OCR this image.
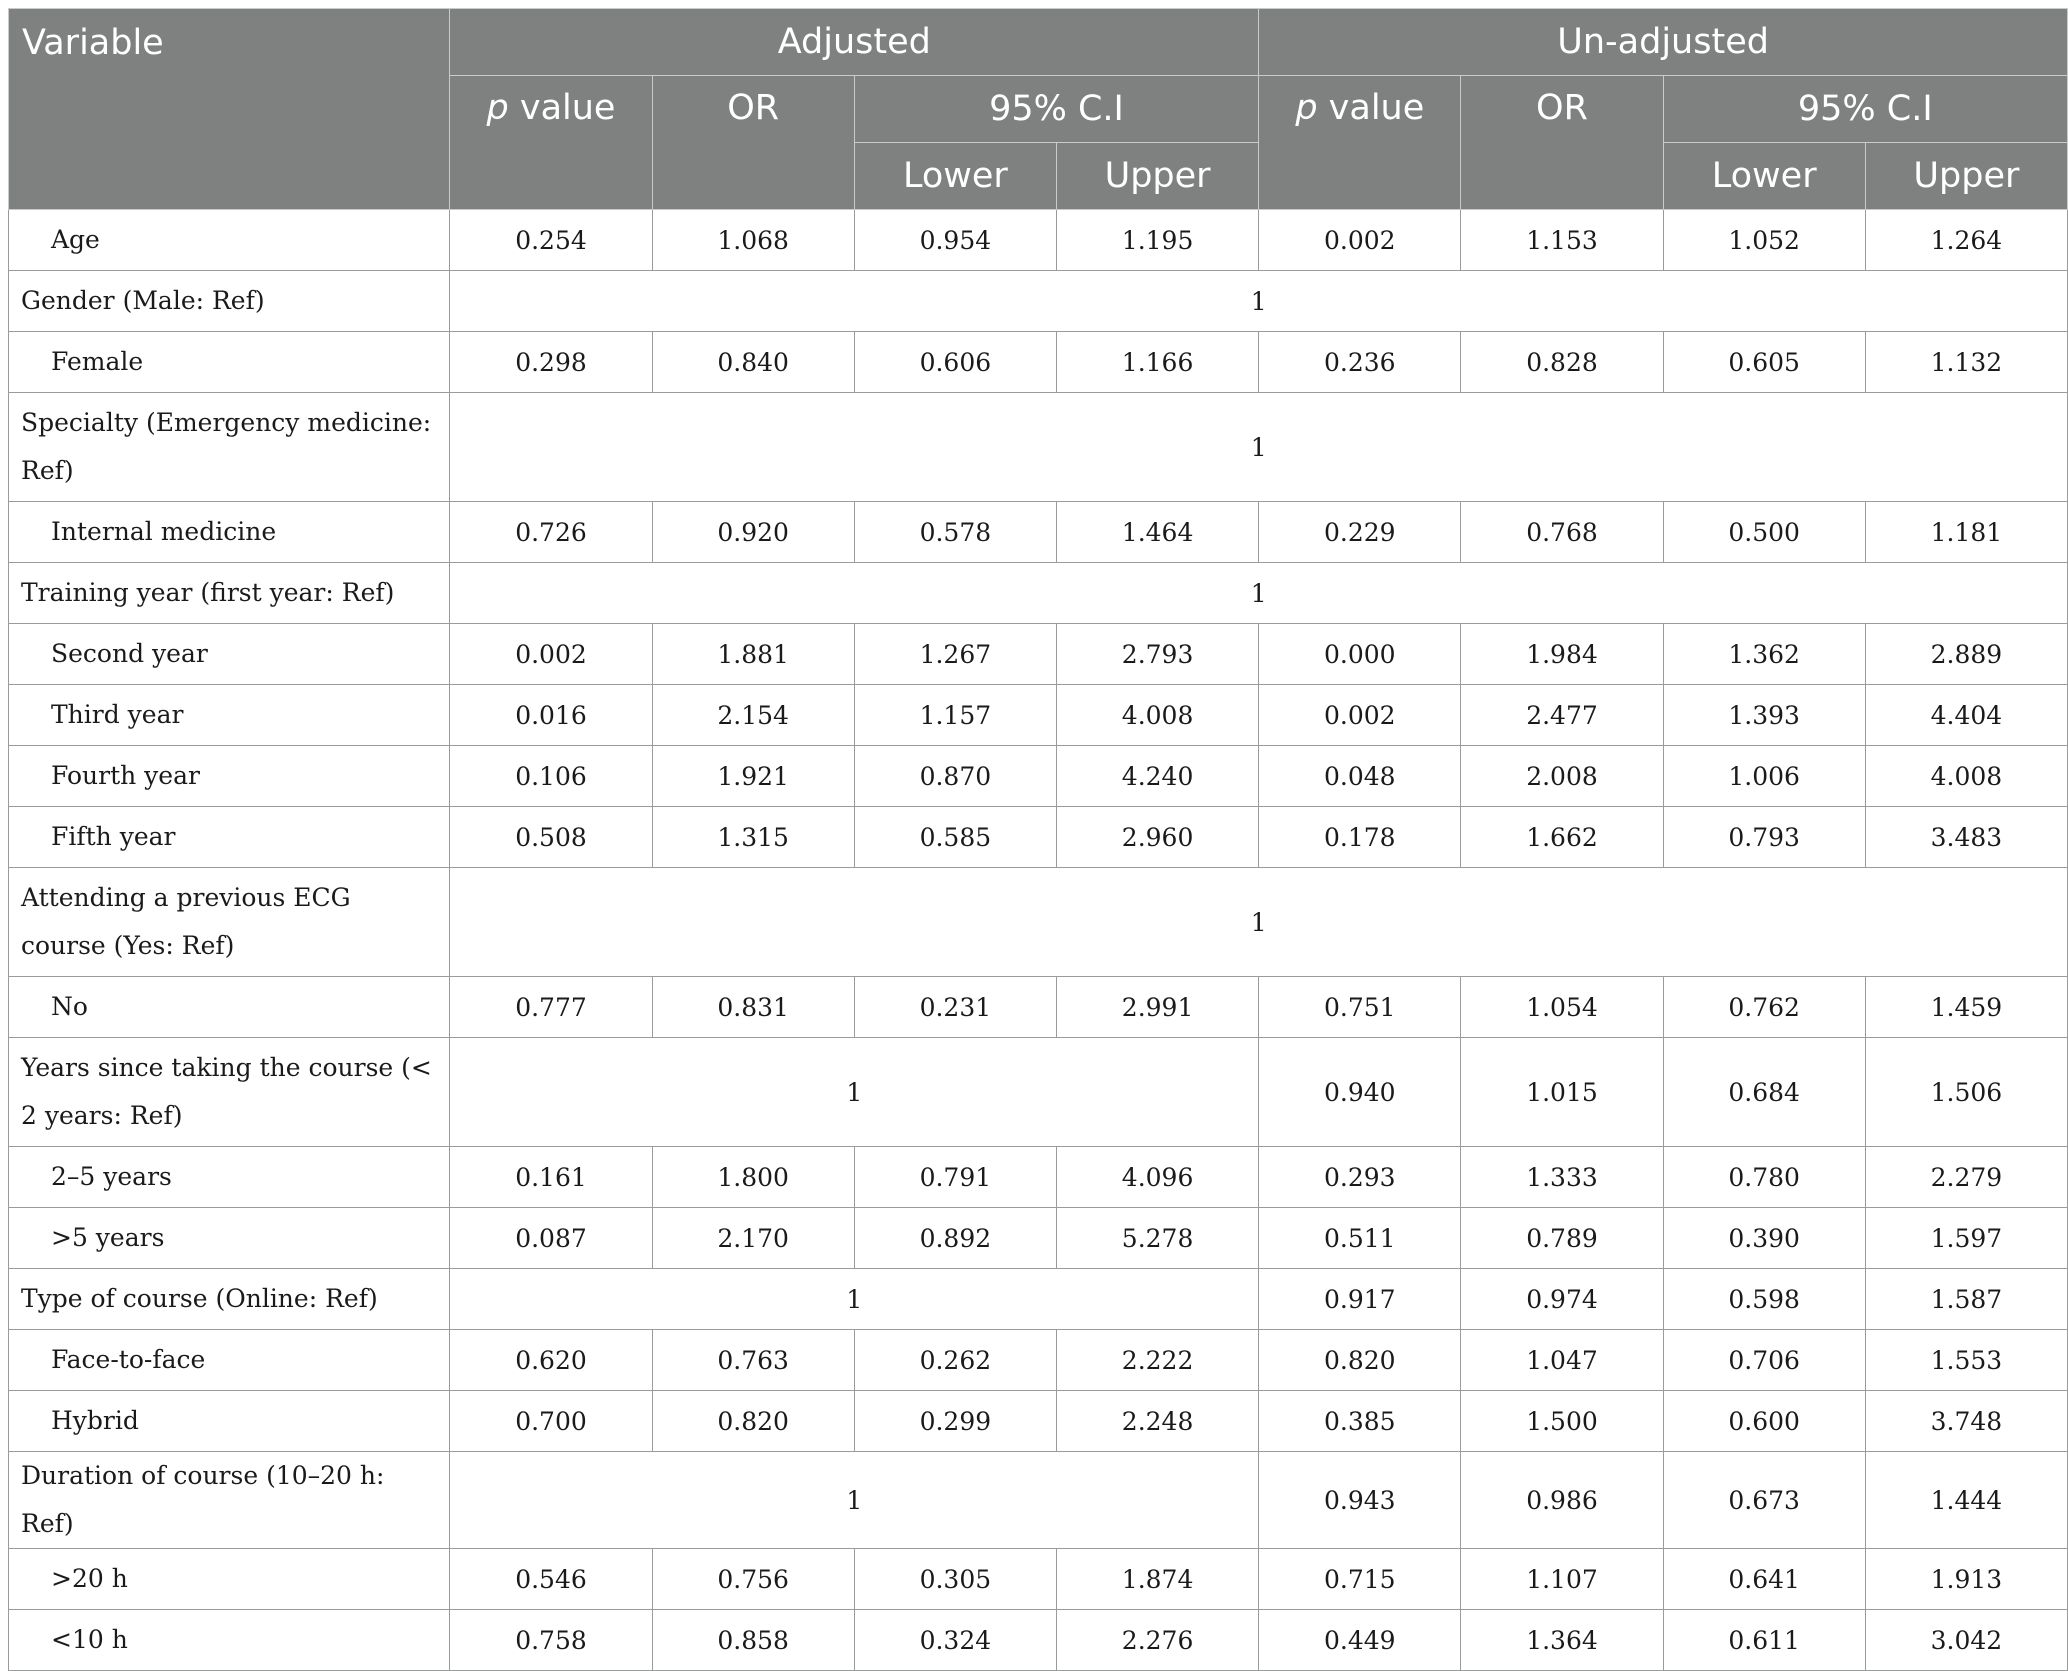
Variable	Adjusted				Un-adjusted			
	p value	OR	95% C.I		p value	OR	95% C.I	
			Lower	Upper			Lower	Upper
Age	0.254	1.068	0.954	1.195	0.002	1.153	1.052	1.264
Gender (Male: Ref)	1							
Female	0.298	0.840	0.606	1.166	0.236	0.828	0.605	1.132
Specialty (Emergency medicine: Ref)	1							
Internal medicine	0.726	0.920	0.578	1.464	0.229	0.768	0.500	1.181
Training year (first year: Ref)	1							
Second year	0.002	1.881	1.267	2.793	0.000	1.984	1.362	2.889
Third year	0.016	2.154	1.157	4.008	0.002	2.477	1.393	4.404
Fourth year	0.106	1.921	0.870	4.240	0.048	2.008	1.006	4.008
Fifth year	0.508	1.315	0.585	2.960	0.178	1.662	0.793	3.483
Attending a previous ECG course (Yes: Ref)	1							
No	0.777	0.831	0.231	2.991	0.751	1.054	0.762	1.459
Years since taking the course (< 2 years: Ref)	1				0.940	1.015	0.684	1.506
2–5 years	0.161	1.800	0.791	4.096	0.293	1.333	0.780	2.279
>5 years	0.087	2.170	0.892	5.278	0.511	0.789	0.390	1.597
Type of course (Online: Ref)	1				0.917	0.974	0.598	1.587
Face-to-face	0.620	0.763	0.262	2.222	0.820	1.047	0.706	1.553
Hybrid	0.700	0.820	0.299	2.248	0.385	1.500	0.600	3.748
Duration of course (10–20 h: Ref)	1				0.943	0.986	0.673	1.444
>20 h	0.546	0.756	0.305	1.874	0.715	1.107	0.641	1.913
<10 h	0.758	0.858	0.324	2.276	0.449	1.364	0.611	3.042
